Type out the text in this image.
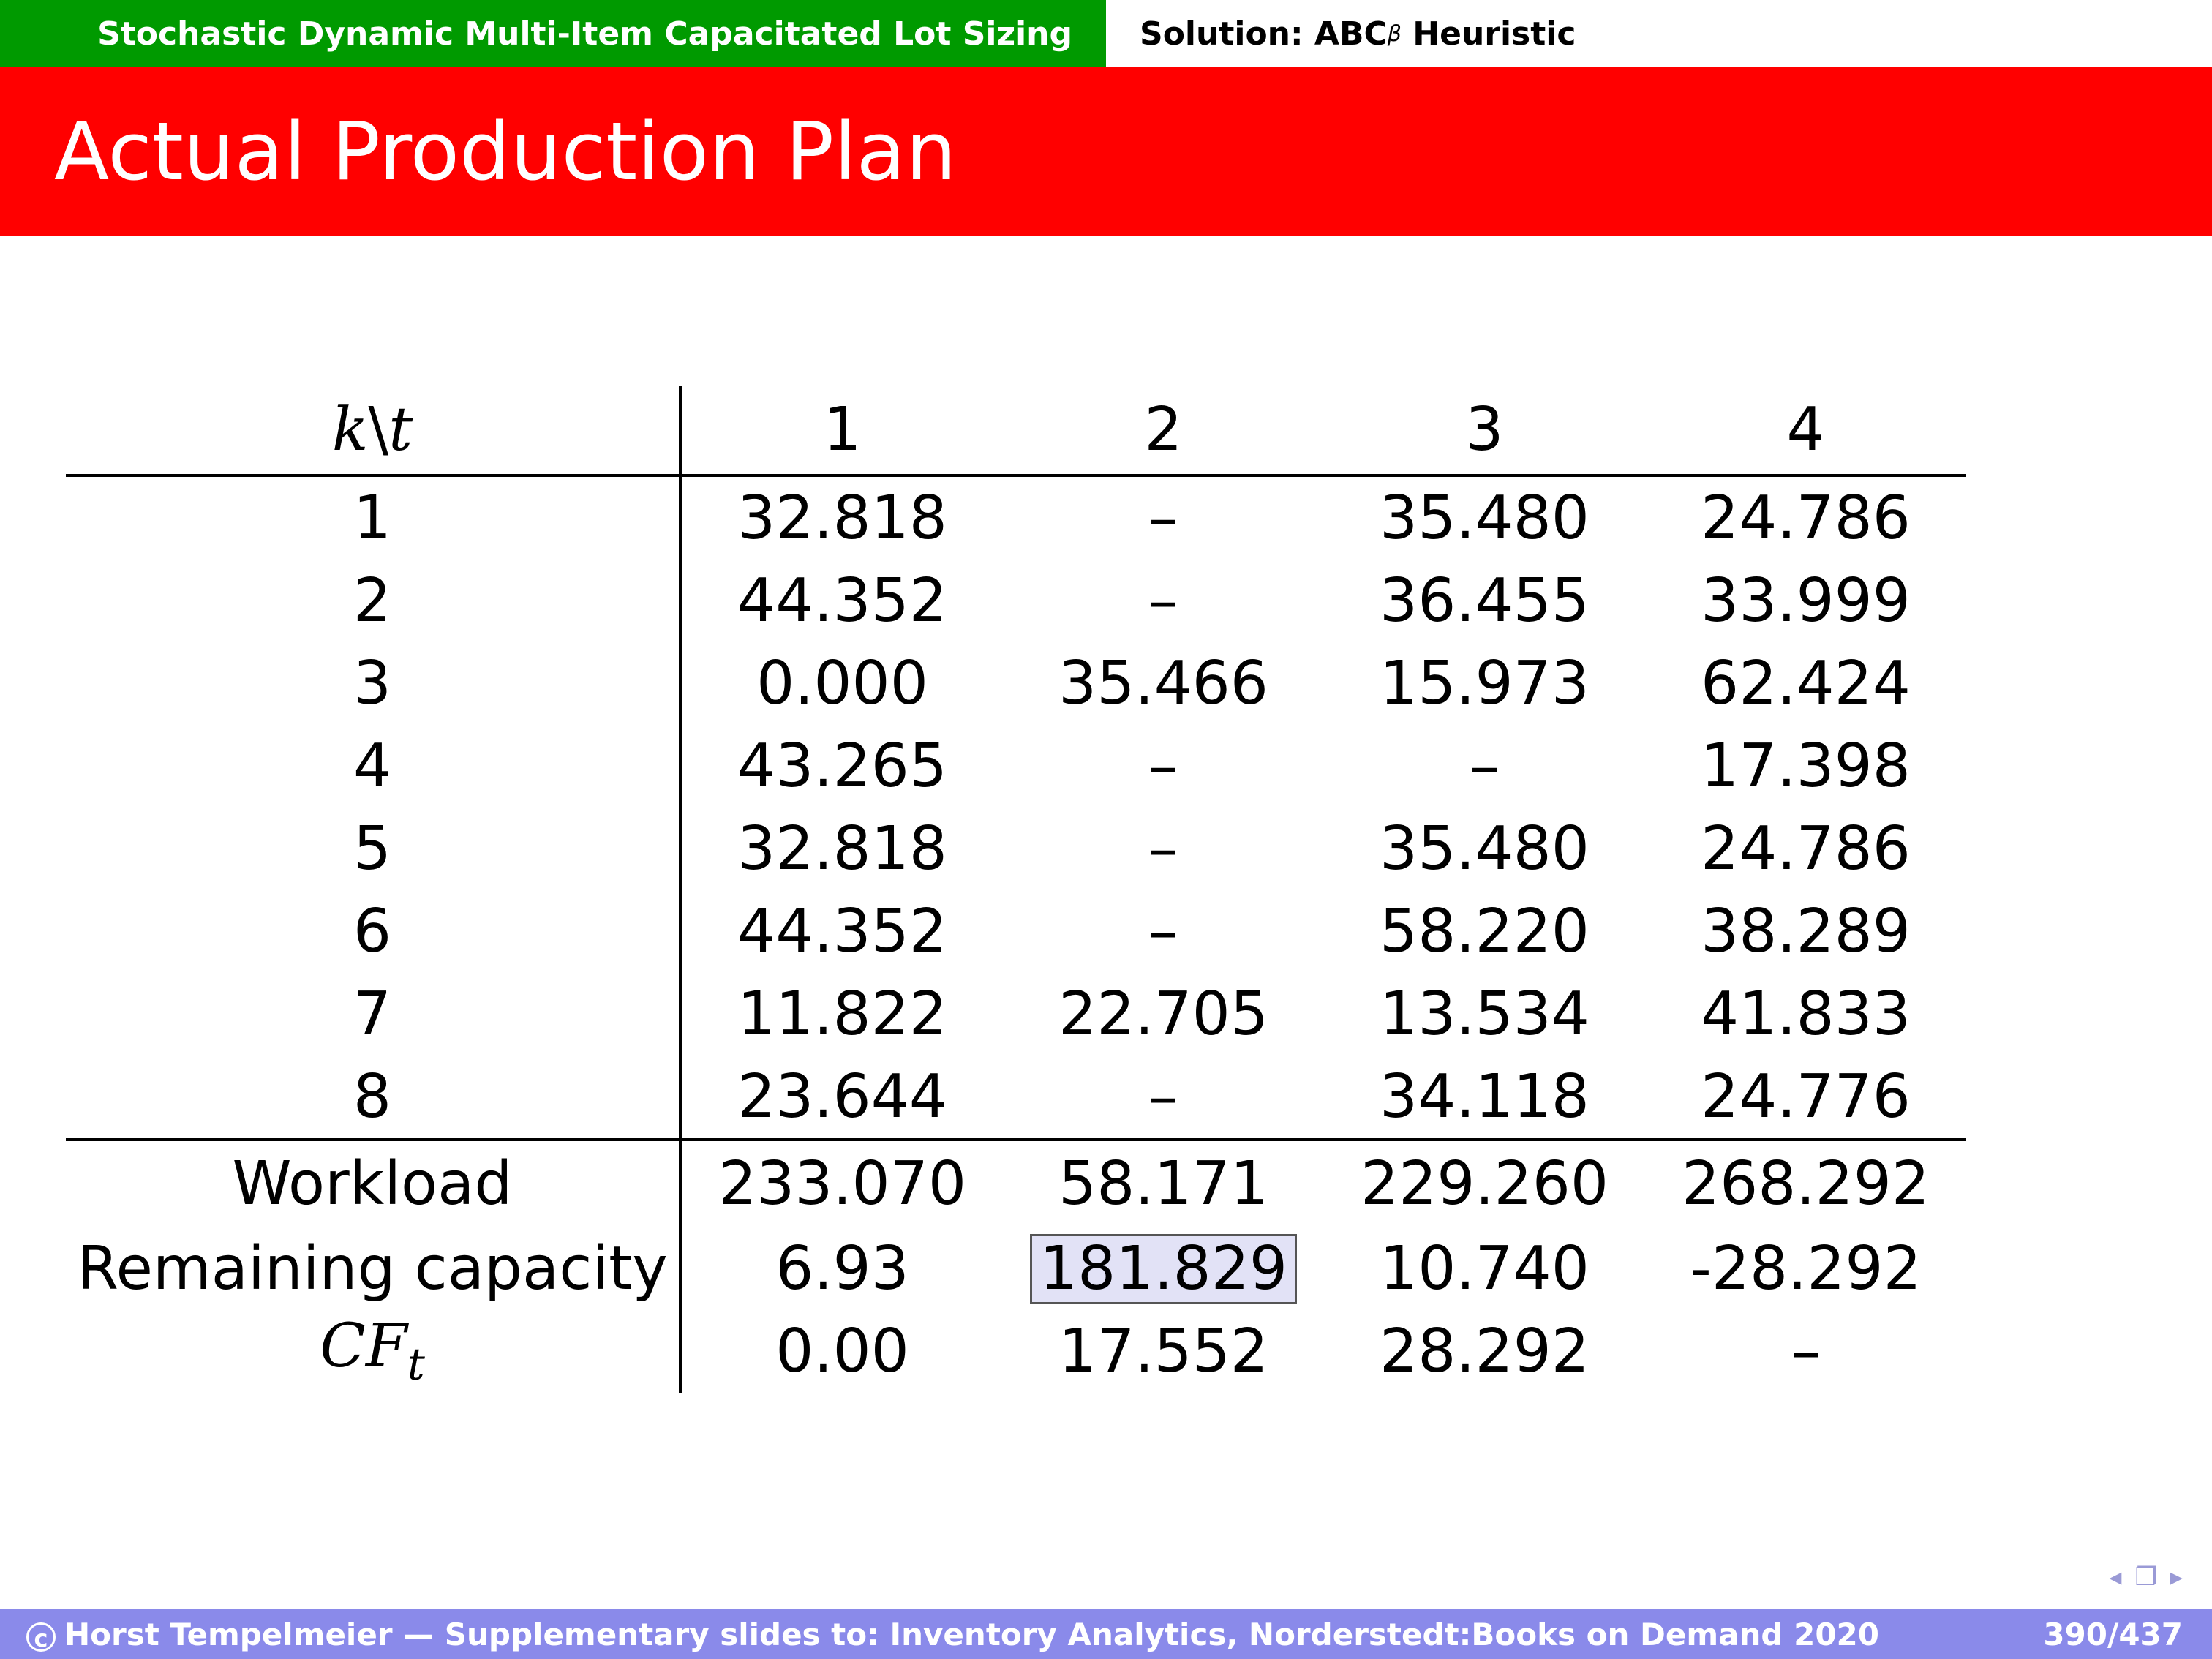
Stochastic Dynamic Multi-Item Capacitated Lot Sizing Solution: ABC β Heuristic
Actual Production Plan
k\t	1	2	3	4
1	32.818	–	35.480	24.786
2	44.352	–	36.455	33.999
3	0.000	35.466	15.973	62.424
4	43.265	–	–	17.398
5	32.818	–	35.480	24.786
6	44.352	–	58.220	38.289
7	11.822	22.705	13.534	41.833
8	23.644	–	34.118	24.776
Workload	233.070	58.171	229.260	268.292
Remaining capacity	6.93	181.829	10.740	-28.292
$CF_t$	0.00	17.552	28.292	–
◂ ❐ ▸
c Horst Tempelmeier — Supplementary slides to: Inventory Analytics, Norderstedt:Books on Demand 2020	390/437
